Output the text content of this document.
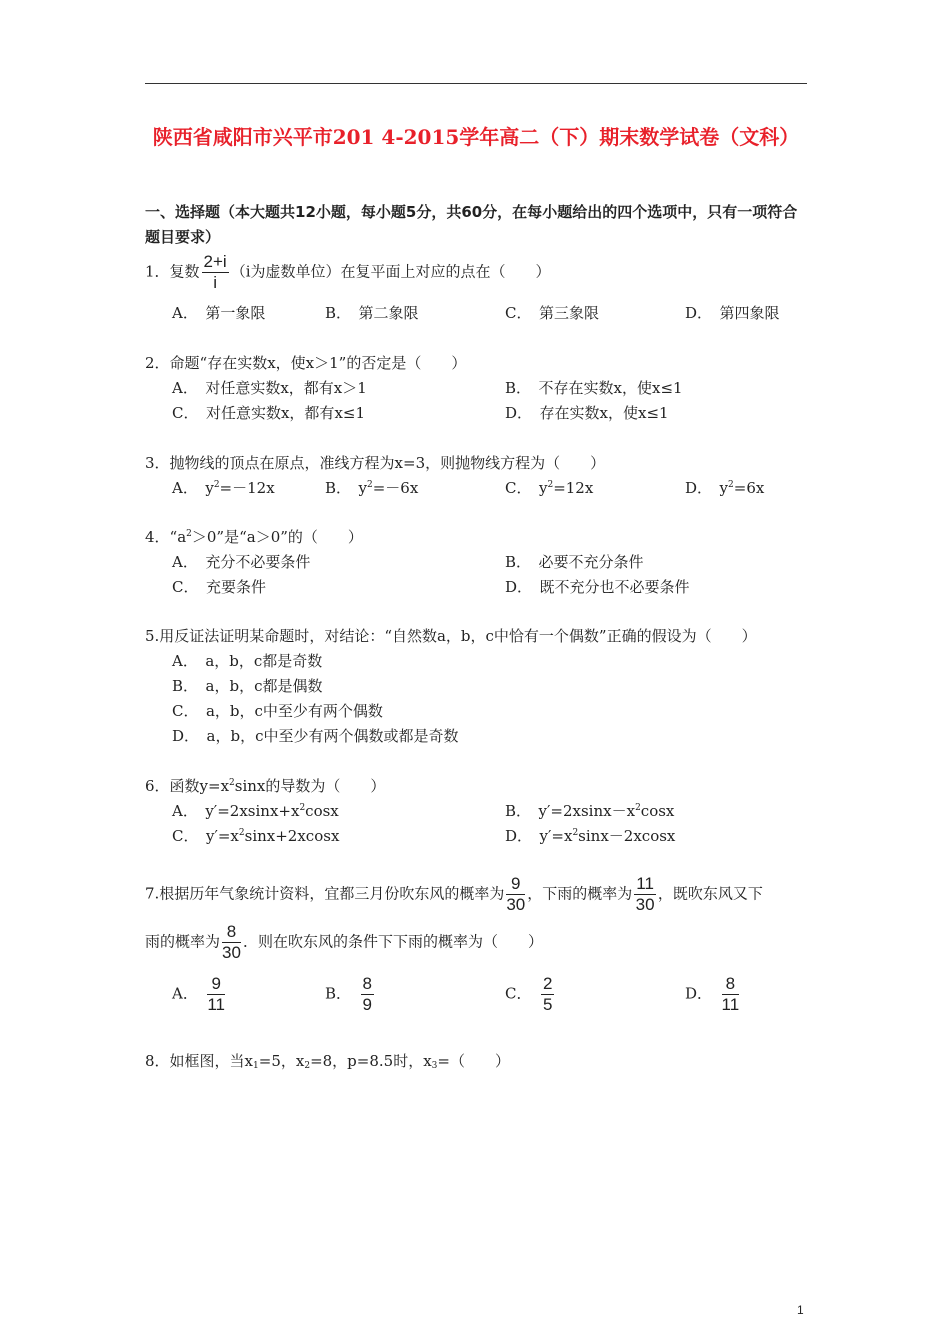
陕西省咸阳市兴平市201 4-2015学年高二（下）期末数学试卷（文科）
一、选择题（本大题共12小题，每小题5分，共60分，在每小题给出的四个选项中，只有一项符合题目要求）
1．复数 $\frac{2+i}{i} (i$为虚数单位）在复平面上对应的点在（　　）
A．　第一象限	B．　第二象限	C．　第三象限	D．　第四象限
2．命题“存在实数x，使x＞1”的否定是（　　）
A．　对任意实数x，都有x＞1	B．　不存在实数x，使x≤1
C．　对任意实数x，都有x≤1	D．　存在实数x，使x≤1
3．抛物线的顶点在原点，准线方程为x=3，则抛物线方程为（　　）
A．　$y^2=-12x$	B．　$y^2=-6x$	C．　$y^2=12x$	D．　$y^2=6x$
4．“$a^2>0$”是“a＞0”的（　　）
A．　充分不必要条件	B．　必要不充分条件
C．　充要条件	D．　既不充分也不必要条件
5.用反证法证明某命题时，对结论：“自然数a，b，c中恰有一个偶数”正确的假设为（　　）
A．　a，b，c都是奇数
B．　a，b，c都是偶数
C．　a，b，c中至少有两个偶数
D．　a，b，c中至少有两个偶数或都是奇数
6．函数$y=x^2\sin x$的导数为（　　）
A．　$y'=2xsinx+x^2\cos x$	B．　$y'=2xsinx-x^2\cos x$
C．　$y'=x^2\sin x+2xcosx$	D．　$y'=x^2\sin x-2xcosx$
7.根据历年气象统计资料，宜都三月份吹东风的概率为 $\frac{9}{30}$ ，下雨的概率为 $\frac{11}{30}$ ，既吹东风又下
雨的概率为 $\frac{8}{30}$ ．则在吹东风的条件下下雨的概率为（　　）
A．　 $\frac{9}{11}$	B．　 $\frac{8}{9}$	C．　 $\frac{2}{5}$	D．　 $\frac{8}{11}$
8．如框图，当$x_1=5$，$x_2=8$，p=8.5时，$x_3=$（　　）
1
